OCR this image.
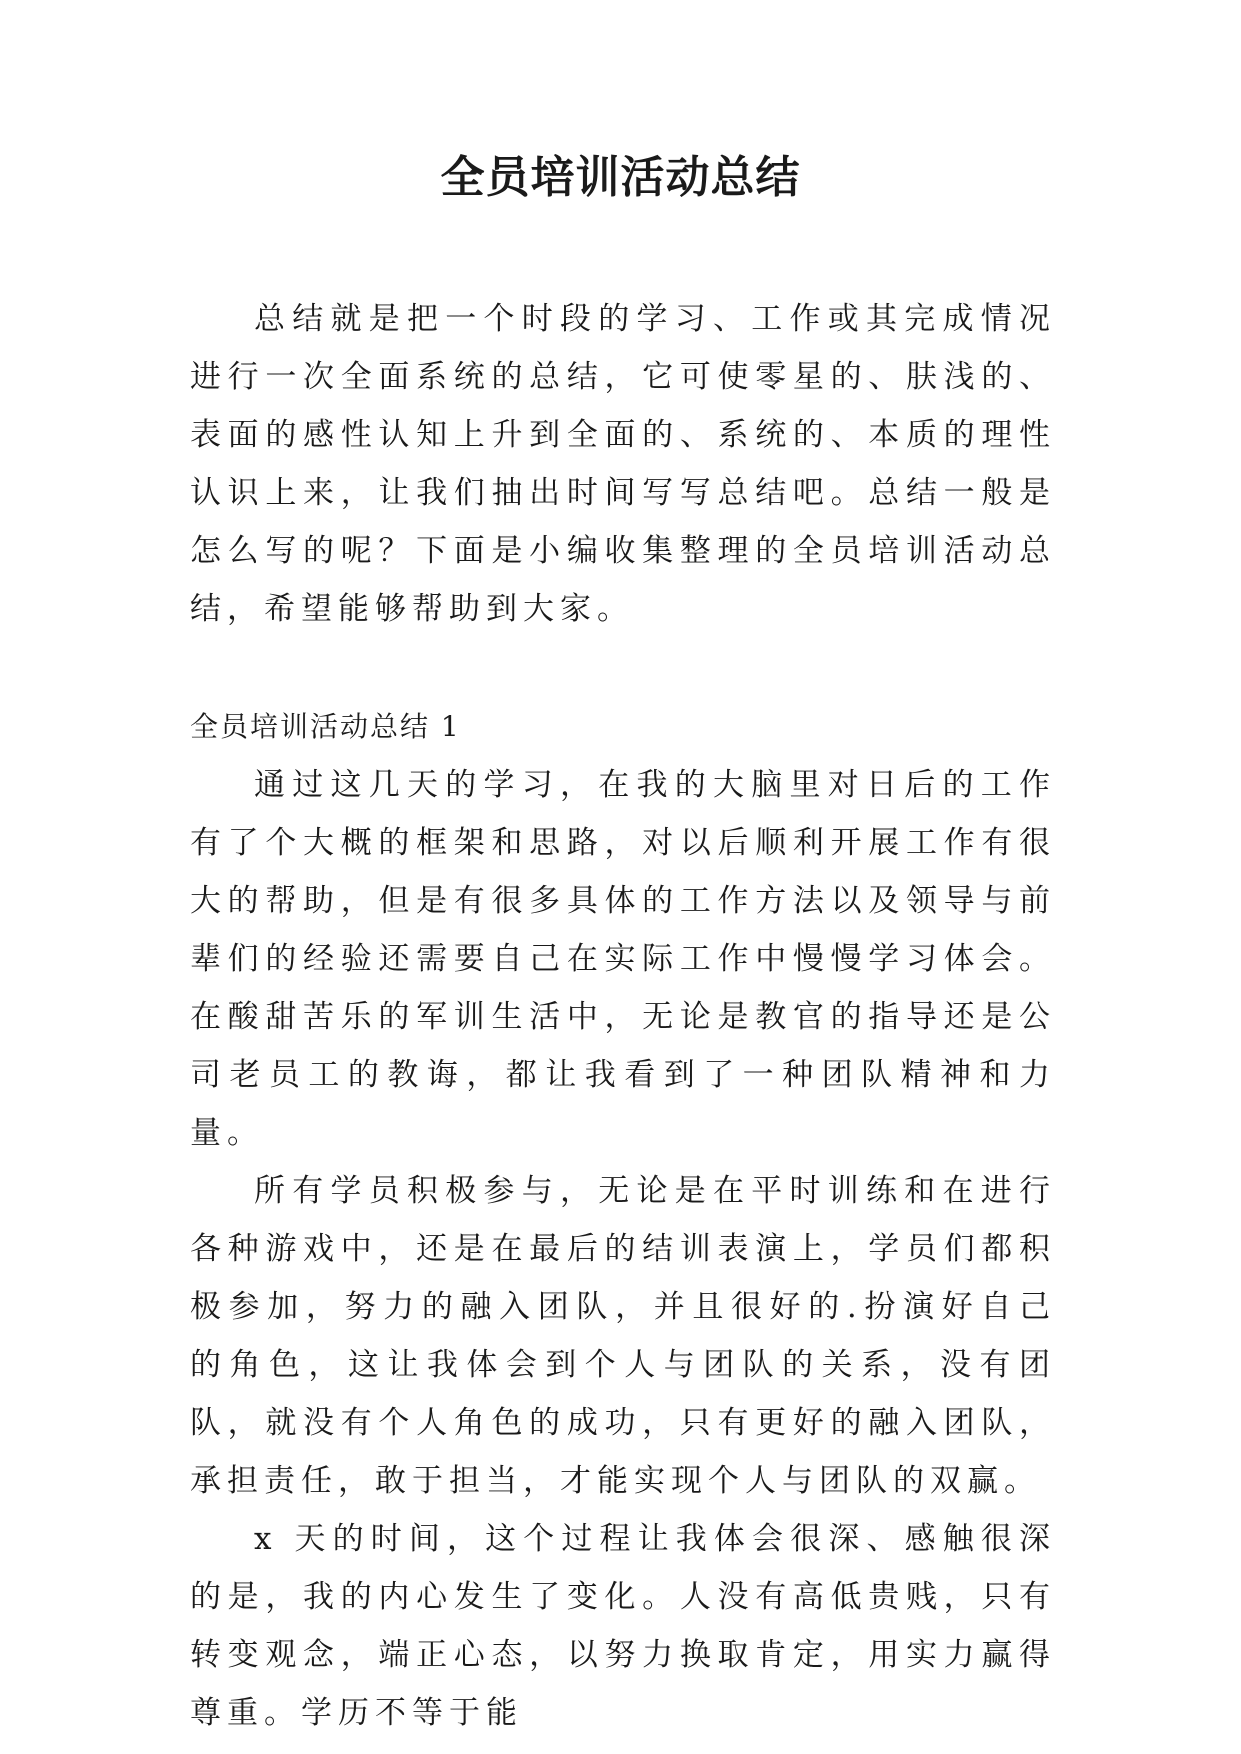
全员培训活动总结

总结就是把一个时段的学习、工作或其完成情况进行一次全面系统的总结，它可使零星的、肤浅的、表面的感性认知上升到全面的、系统的、本质的理性认识上来，让我们抽出时间写写总结吧。总结一般是怎么写的呢？下面是小编收集整理的全员培训活动总结，希望能够帮助到大家。

全员培训活动总结 1

通过这几天的学习，在我的大脑里对日后的工作有了个大概的框架和思路，对以后顺利开展工作有很大的帮助，但是有很多具体的工作方法以及领导与前辈们的经验还需要自己在实际工作中慢慢学习体会。在酸甜苦乐的军训生活中，无论是教官的指导还是公司老员工的教诲，都让我看到了一种团队精神和力量。

所有学员积极参与，无论是在平时训练和在进行各种游戏中，还是在最后的结训表演上，学员们都积极参加，努力的融入团队，并且很好的.扮演好自己的角色，这让我体会到个人与团队的关系，没有团队，就没有个人角色的成功，只有更好的融入团队，承担责任，敢于担当，才能实现个人与团队的双赢。

x 天的时间，这个过程让我体会很深、感触很深的是，我的内心发生了变化。人没有高低贵贱，只有转变观念，端正心态，以努力换取肯定，用实力赢得尊重。学历不等于能
